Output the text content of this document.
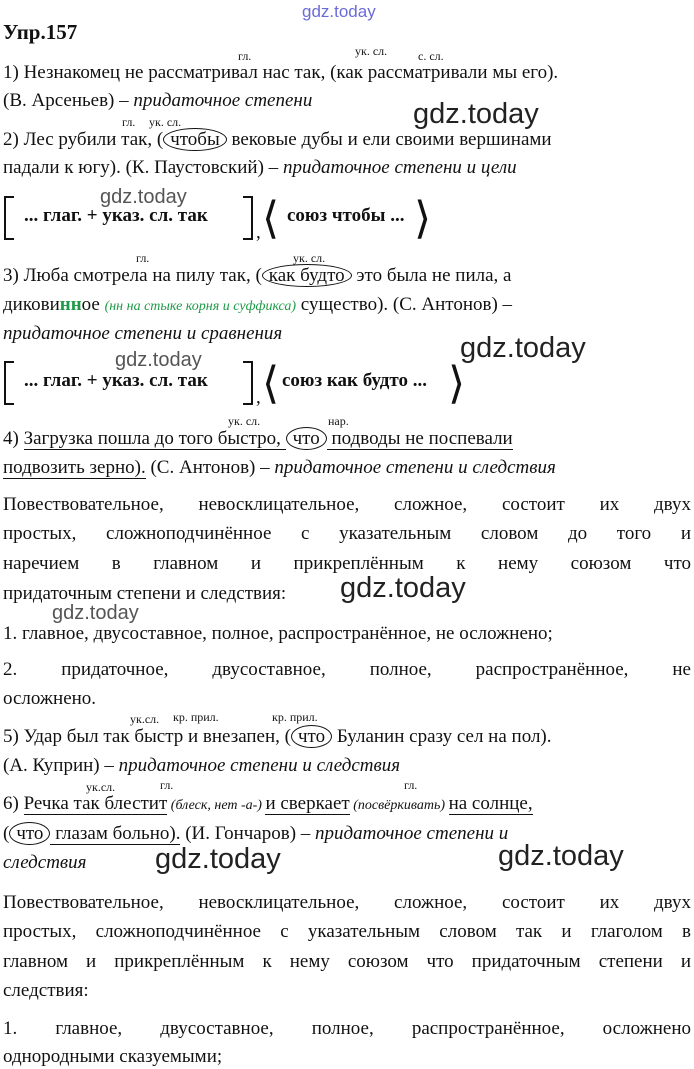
gdz.today
gdz.today
gdz.today
gdz.today
gdz.today
gdz.today
gdz.today
gdz.today	gdz.today
Упр.157
гл.	ук. сл.	с. сл.
1) Незнакомец не рассматривал нас так, (как рассматривали мы его).
(В. Арсеньев) – придаточное степени
гл. ук. сл.
2) Лес рубили так, ( чтобы вековые дубы и ели своими вершинами
падали к югу). (К. Паустовский) – придаточное степени и цели
... глаг. + указ. сл. так
, ⟨ союз чтобы ... ⟩
гл.	ук. сл.
3) Люба смотрела на пилу так, ( как будто это была не пила, а
диковинное (нн на стыке корня и суффикса) существо). (С. Антонов) –
придаточное степени и сравнения
... глаг. + указ. сл. так
, ⟨ союз как будто ... ⟩
ук. сл.	нар.
4) Загрузка пошла до того быстро, что подводы не поспевали
подвозить зерно). (С. Антонов) – придаточное степени и следствия
Повествовательное, невосклицательное, сложное, состоит их двух
простых, сложноподчинённое с указательным словом до того и
наречием в главном и прикреплённым к нему союзом что
придаточным степени и следствия:
1. главное, двусоставное, полное, распространённое, не осложнено;
2. придаточное, двусоставное, полное, распространённое, не
осложнено.
ук.сл. кр. прил.	кр. прил.
5) Удар был так быстр и внезапен, ( что Буланин сразу сел на пол).
(А. Куприн) – придаточное степени и следствия
ук.сл.	гл.	гл.
6) Речка так блестит (блеск, нет -а-) и сверкает (посвёркивать) на солнце,
( что глазам больно). (И. Гончаров) – придаточное степени и
следствия
Повествовательное, невосклицательное, сложное, состоит их двух
простых, сложноподчинённое с указательным словом так и глаголом в
главном и прикреплённым к нему союзом что придаточным степени и
следствия:
1. главное, двусоставное, полное, распространённое, осложнено
однородными сказуемыми;
